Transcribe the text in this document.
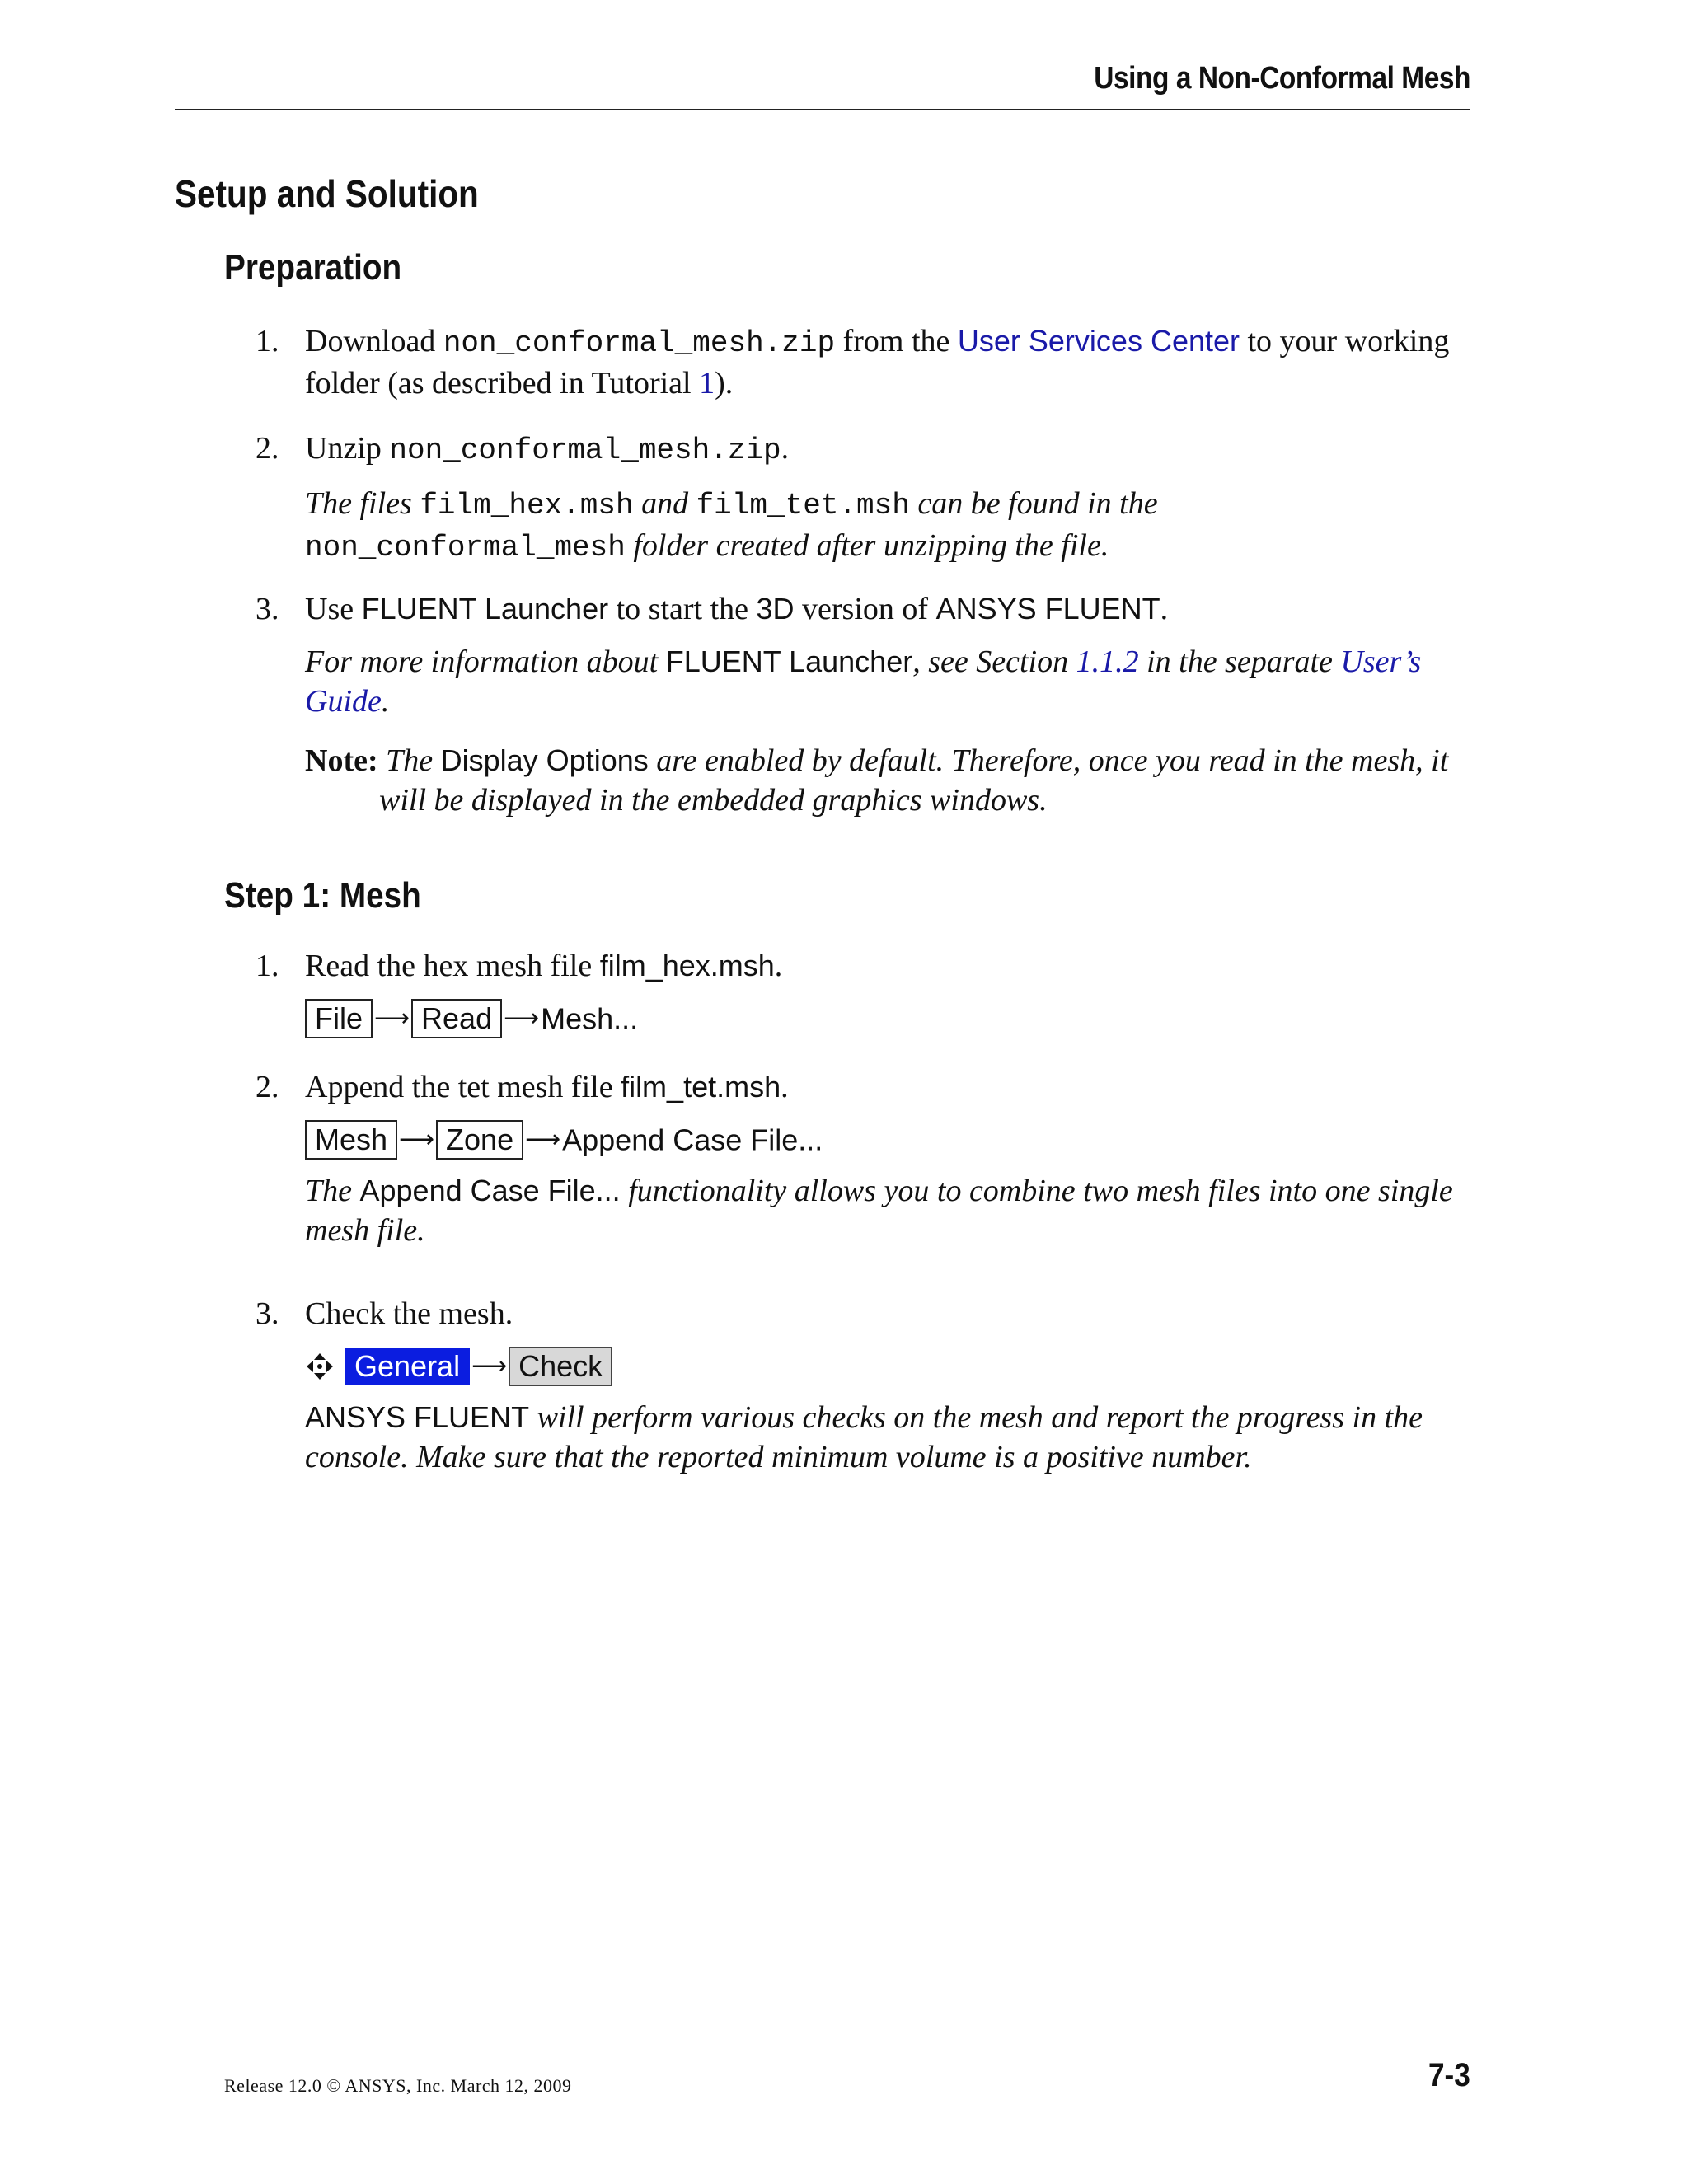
Using a Non-Conformal Mesh
Setup and Solution
Preparation
1. Download non_conformal_mesh.zip from the User Services Center to your working folder (as described in Tutorial 1).
2. Unzip non_conformal_mesh.zip.
The files film_hex.msh and film_tet.msh can be found in the non_conformal_mesh folder created after unzipping the file.
3. Use FLUENT Launcher to start the 3D version of ANSYS FLUENT.
For more information about FLUENT Launcher, see Section 1.1.2 in the separate User’s Guide.
Note: The Display Options are enabled by default. Therefore, once you read in the mesh, it will be displayed in the embedded graphics windows.
Step 1: Mesh
1. Read the hex mesh file film_hex.msh.
File ⟶ Read ⟶Mesh...
2. Append the tet mesh file film_tet.msh.
Mesh ⟶ Zone ⟶Append Case File...
The Append Case File... functionality allows you to combine two mesh files into one single mesh file.
3. Check the mesh.
General ⟶ Check
ANSYS FLUENT will perform various checks on the mesh and report the progress in the console. Make sure that the reported minimum volume is a positive number.
Release 12.0 © ANSYS, Inc. March 12, 2009	7-3
